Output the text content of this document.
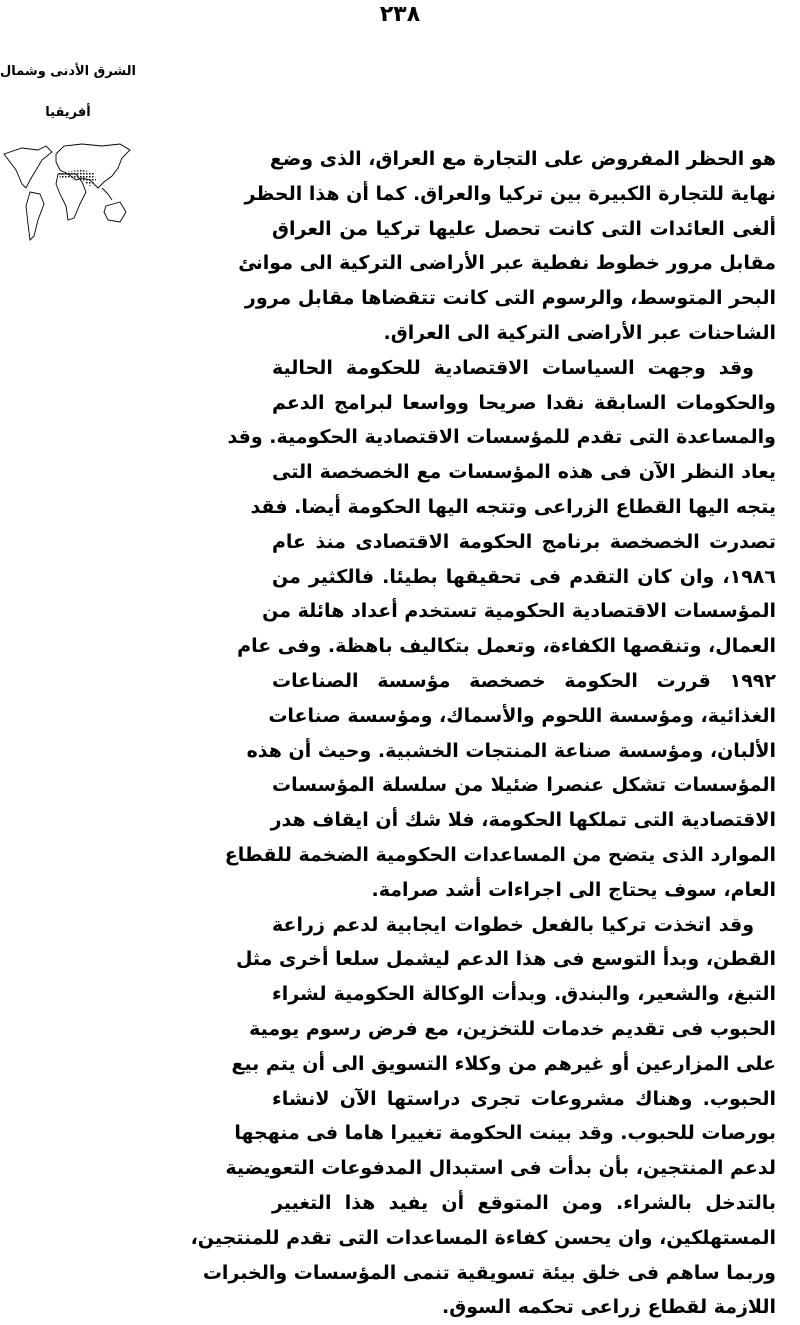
٢٣٨
الشرق الأدنى وشمال
أفريقيا
هو الحظر المفروض على التجارة مع العراق، الذى وضع
نهاية للتجارة الكبيرة بين تركيا والعراق. كما أن هذا الحظر
ألغى العائدات التى كانت تحصل عليها تركيا من العراق
مقابل مرور خطوط نفطية عبر الأراضى التركية الى موانئ
البحر المتوسط، والرسوم التى كانت تتقضاها مقابل مرور
الشاحنات عبر الأراضى التركية الى العراق.
وقد وجهت السياسات الاقتصادية للحكومة الحالية
والحكومات السابقة نقدا صريحا وواسعا لبرامج الدعم
والمساعدة التى تقدم للمؤسسات الاقتصادية الحكومية. وقد
يعاد النظر الآن فى هذه المؤسسات مع الخصخصة التى
يتجه اليها القطاع الزراعى وتتجه اليها الحكومة أيضا. فقد
تصدرت الخصخصة برنامج الحكومة الاقتصادى منذ عام
١٩٨٦، وان كان التقدم فى تحقيقها بطيئا. فالكثير من
المؤسسات الاقتصادية الحكومية تستخدم أعداد هائلة من
العمال، وتنقصها الكفاءة، وتعمل بتكاليف باهظة. وفى عام
١٩٩٢ قررت الحكومة خصخصة مؤسسة الصناعات
الغذائية، ومؤسسة اللحوم والأسماك، ومؤسسة صناعات
الألبان، ومؤسسة صناعة المنتجات الخشبية. وحيث أن هذه
المؤسسات تشكل عنصرا ضئيلا من سلسلة المؤسسات
الاقتصادية التى تملكها الحكومة، فلا شك أن ايقاف هدر
الموارد الذى يتضح من المساعدات الحكومية الضخمة للقطاع
العام، سوف يحتاج الى اجراءات أشد صرامة.
وقد اتخذت تركيا بالفعل خطوات ايجابية لدعم زراعة
القطن، وبدأ التوسع فى هذا الدعم ليشمل سلعا أخرى مثل
التبغ، والشعير، والبندق. وبدأت الوكالة الحكومية لشراء
الحبوب فى تقديم خدمات للتخزين، مع فرض رسوم يومية
على المزارعين أو غيرهم من وكلاء التسويق الى أن يتم بيع
الحبوب. وهناك مشروعات تجرى دراستها الآن لانشاء
بورصات للحبوب. وقد بينت الحكومة تغييرا هاما فى منهجها
لدعم المنتجين، بأن بدأت فى استبدال المدفوعات التعويضية
بالتدخل بالشراء. ومن المتوقع أن يفيد هذا التغيير
المستهلكين، وان يحسن كفاءة المساعدات التى تقدم للمنتجين،
وربما ساهم فى خلق بيئة تسويقية تنمى المؤسسات والخبرات
اللازمة لقطاع زراعى تحكمه السوق.
